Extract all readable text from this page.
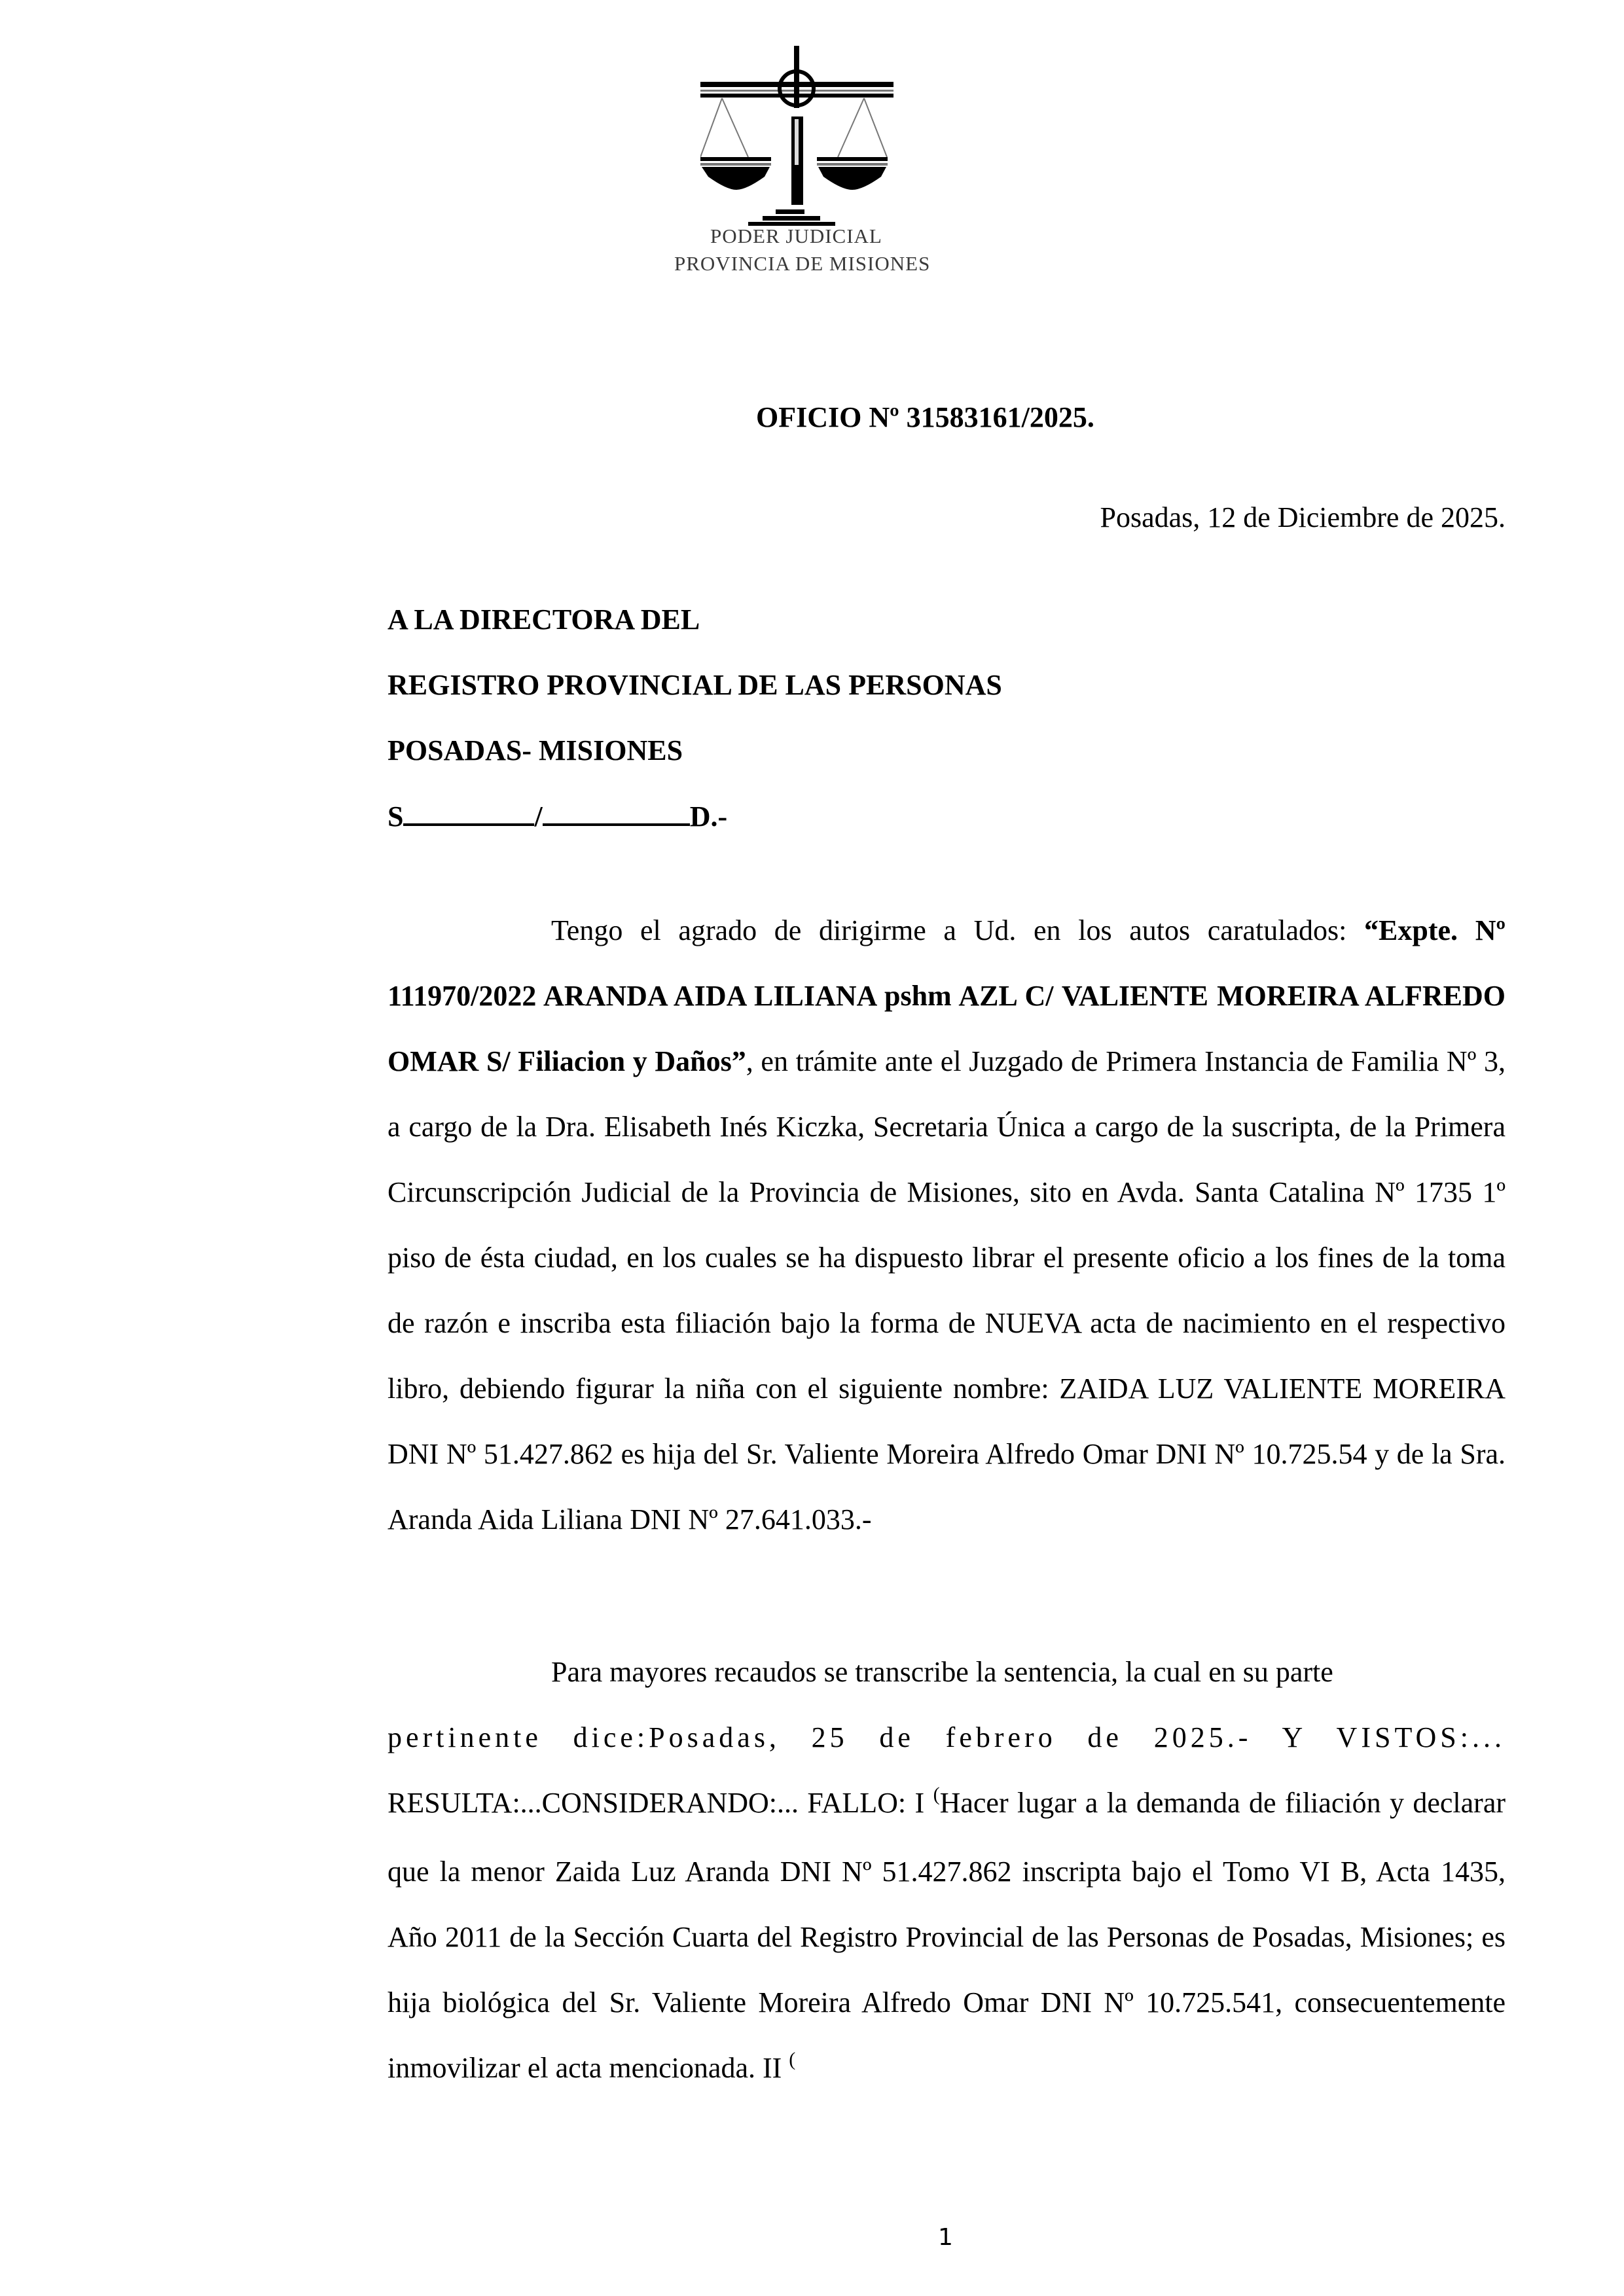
PODER JUDICIAL
PROVINCIA DE MISIONES
OFICIO Nº 31583161/2025.
Posadas, 12 de Diciembre de 2025.
A LA DIRECTORA DEL
REGISTRO PROVINCIAL DE LAS PERSONAS
POSADAS- MISIONES
S	/	D.-
Tengo el agrado de dirigirme a Ud. en los autos caratulados: “Expte. Nº 111970/2022 ARANDA AIDA LILIANA pshm AZL C/ VALIENTE MOREIRA ALFREDO OMAR S/ Filiacion y Daños”, en trámite ante el Juzgado de Primera Instancia de Familia Nº 3, a cargo de la Dra. Elisabeth Inés Kiczka, Secretaria Única a cargo de la suscripta, de la Primera Circunscripción Judicial de la Provincia de Misiones, sito en Avda. Santa Catalina Nº 1735 1º piso de ésta ciudad, en los cuales se ha dispuesto librar el presente oficio a los fines de la toma de razón e inscriba esta filiación bajo la forma de NUEVA acta de nacimiento en el respectivo libro, debiendo figurar la niña con el siguiente nombre: ZAIDA LUZ VALIENTE MOREIRA DNI Nº 51.427.862 es hija del Sr. Valiente Moreira Alfredo Omar DNI Nº 10.725.54 y de la Sra. Aranda Aida Liliana DNI Nº 27.641.033.-
Para mayores recaudos se transcribe la sentencia, la cual en su parte
pertinente dice:Posadas, 25 de febrero de 2025.- Y VISTOS:...
RESULTA:...CONSIDERANDO:... FALLO: I (Hacer lugar a la demanda de filiación y declarar que la menor Zaida Luz Aranda DNI Nº 51.427.862 inscripta bajo el Tomo VI B, Acta 1435, Año 2011 de la Sección Cuarta del Registro Provincial de las Personas de Posadas, Misiones; es hija biológica del Sr. Valiente Moreira Alfredo Omar DNI Nº 10.725.541, consecuentemente inmovilizar el acta mencionada. II (
1
